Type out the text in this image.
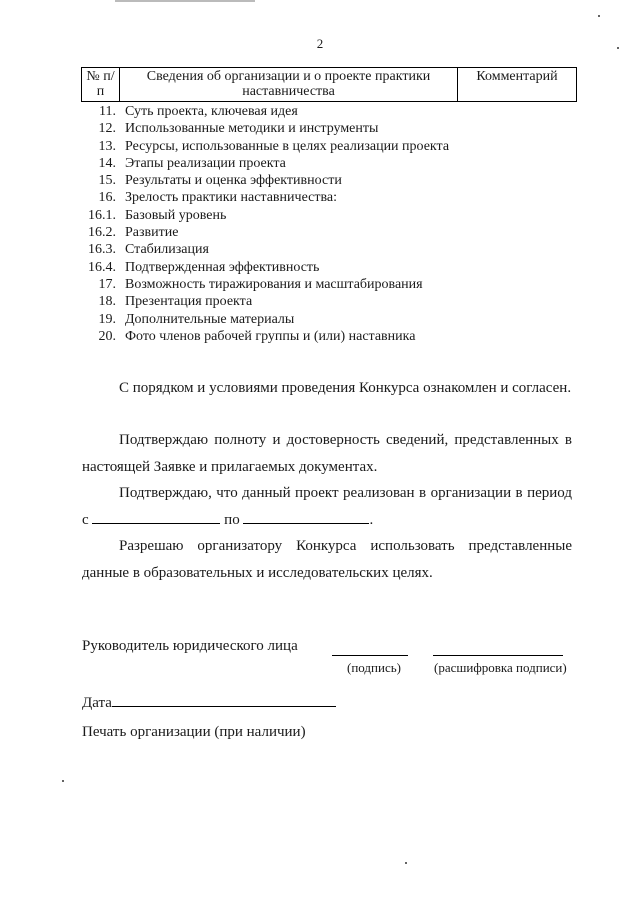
2
№ п/п	Сведения об организации и о проекте практики наставничества	Комментарий
11. Суть проекта, ключевая идея
12. Использованные методики и инструменты
13. Ресурсы, использованные в целях реализации проекта
14. Этапы реализации проекта
15. Результаты и оценка эффективности
16. Зрелость практики наставничества:
16.1. Базовый уровень
16.2. Развитие
16.3. Стабилизация
16.4. Подтвержденная эффективность
17. Возможность тиражирования и масштабирования
18. Презентация проекта
19. Дополнительные материалы
20. Фото членов рабочей группы и (или) наставника

С порядком и условиями проведения Конкурса ознакомлен и согласен.

Подтверждаю полноту и достоверность сведений, представленных в настоящей Заявке и прилагаемых документах.

Подтверждаю, что данный проект реализован в организации в период с	по	.

Разрешаю организатору Конкурса использовать представленные данные в образовательных и исследовательских целях.

Руководитель юридического лица
(подпись)	(расшифровка подписи)
Дата
Печать организации (при наличии)
